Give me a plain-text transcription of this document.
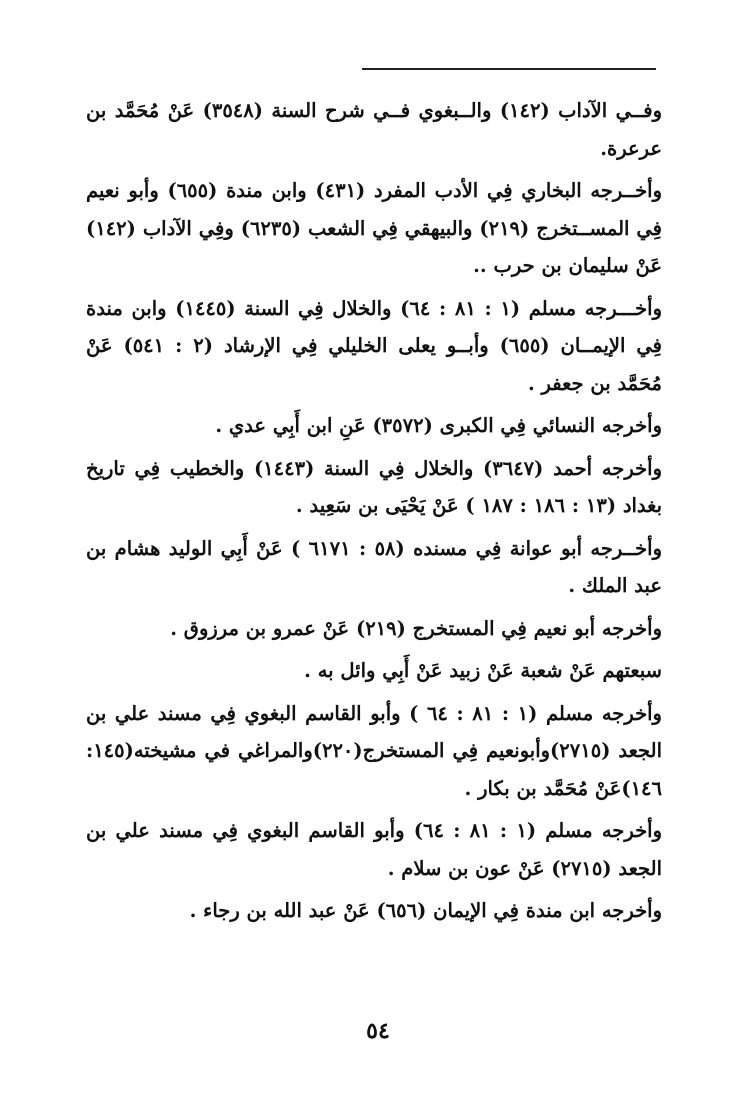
وفــي الآداب (١٤٢) والــبغوي فــي شرح السنة (٣٥٤٨) عَنْ مُحَمَّد بن عرعرة.

وأخــرجه البخاري فِي الأدب المفرد (٤٣١) وابن مندة (٦٥٥) وأبو نعيم فِي المســتخرج (٢١٩) والبيهقي فِي الشعب (٦٢٣٥) وفِي الآداب (١٤٢) عَنْ سليمان بن حرب ..

وأخـــرجه مسلم (١ : ٨١ : ٦٤) والخلال فِي السنة (١٤٤٥) وابن مندة فِي الإيمــان (٦٥٥) وأبــو يعلى الخليلي فِي الإرشاد (٢ : ٥٤١) عَنْ مُحَمَّد بن جعفر .

وأخرجه النسائي فِي الكبرى (٣٥٧٢) عَنِ ابن أَبِي عدي .

وأخرجه أحمد (٣٦٤٧) والخلال فِي السنة (١٤٤٣) والخطيب فِي تاريخ بغداد (١٣ : ١٨٦ : ١٨٧ ) عَنْ يَحْيَى بن سَعِيد .

وأخــرجه أبو عوانة فِي مسنده (٥٨ : ٦١٧١ ) عَنْ أَبِي الوليد هشام بن عبد الملك .

وأخرجه أبو نعيم فِي المستخرج (٢١٩) عَنْ عمرو بن مرزوق .

سبعتهم عَنْ شعبة عَنْ زبيد عَنْ أَبِي وائل به .

وأخرجه مسلم (١ : ٨١ : ٦٤ ) وأبو القاسم البغوي فِي مسند علي بن الجعد (٢٧١٥)وأبونعيم فِي المستخرج(٢٢٠)والمراغي في مشيخته(١٤٥: ١٤٦)عَنْ مُحَمَّد بن بكار .

وأخرجه مسلم (١ : ٨١ : ٦٤) وأبو القاسم البغوي فِي مسند علي بن الجعد (٢٧١٥) عَنْ عون بن سلام .

وأخرجه ابن مندة فِي الإيمان (٦٥٦) عَنْ عبد الله بن رجاء .

٥٤
